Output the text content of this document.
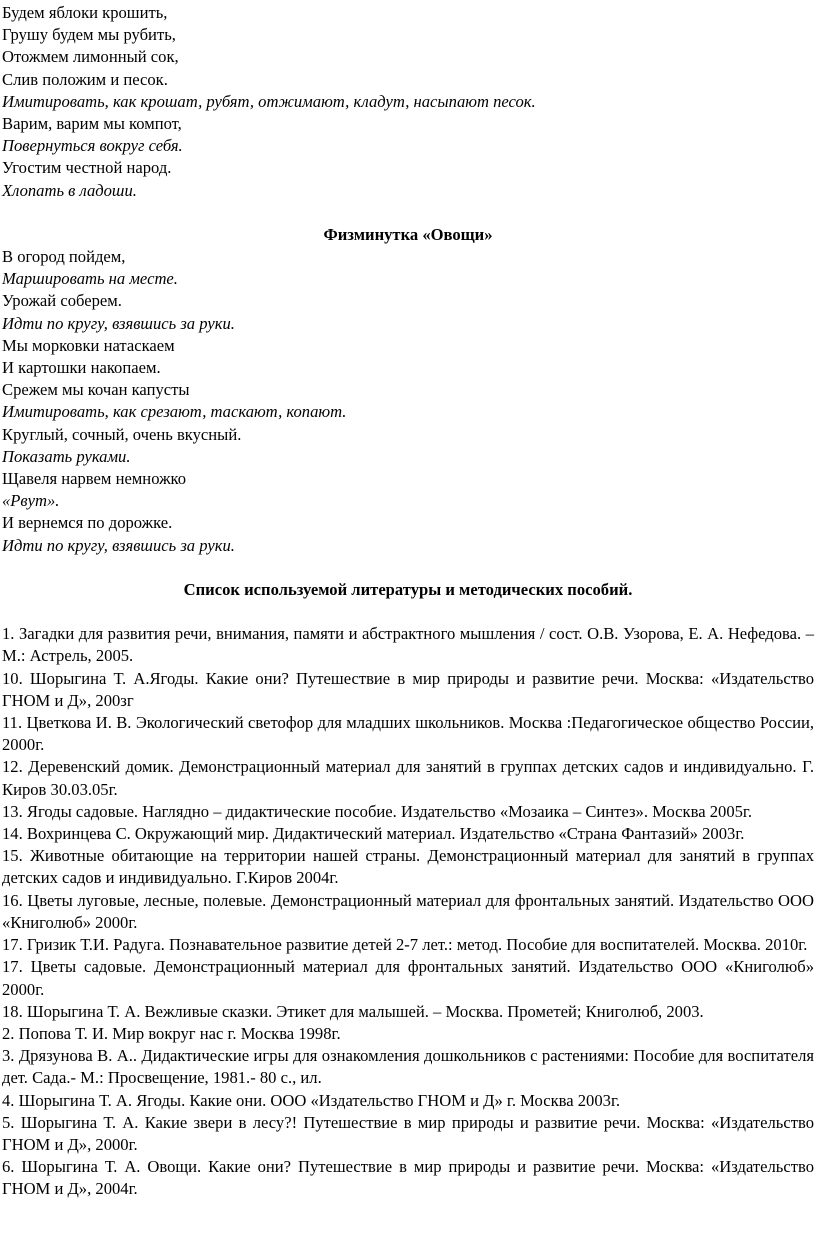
Будем яблоки крошить,
Грушу будем мы рубить,
Отожмем лимонный сок,
Слив положим и песок.
Имитировать, как крошат, рубят, отжимают, кладут, насыпают песок.
Варим, варим мы компот,
Повернуться вокруг себя.
Угостим честной народ.
Хлопать в ладоши.
Физминутка «Овощи»
В огород пойдем,
Маршировать на месте.
Урожай соберем.
Идти по кругу, взявшись за руки.
Мы морковки натаскаем
И картошки накопаем.
Срежем мы кочан капусты
Имитировать, как срезают, таскают, копают.
Круглый, сочный, очень вкусный.
Показать руками.
Щавеля нарвем немножко
«Рвут».
И вернемся по дорожке.
Идти по кругу, взявшись за руки.
Список используемой литературы и методических пособий.
1. Загадки для развития речи, внимания, памяти и абстрактного мышления / сост. О.В. Узорова, Е. А. Нефедова. – М.: Астрель, 2005.
10. Шорыгина Т. А.Ягоды. Какие они? Путешествие в мир природы и развитие речи. Москва: «Издательство ГНОМ и Д», 200зг
11. Цветкова И. В. Экологический светофор для младших школьников. Москва :Педагогическое общество России, 2000г.
12. Деревенский домик. Демонстрационный материал для занятий в группах детских садов и индивидуально. Г. Киров 30.03.05г.
13. Ягоды садовые. Наглядно – дидактические пособие. Издательство «Мозаика – Синтез». Москва 2005г.
14. Вохринцева С. Окружающий мир. Дидактический материал. Издательство «Страна Фантазий» 2003г.
15. Животные обитающие на территории нашей страны. Демонстрационный материал для занятий в группах детских садов и индивидуально. Г.Киров 2004г.
16. Цветы луговые, лесные, полевые. Демонстрационный материал для фронтальных занятий. Издательство ООО «Книголюб» 2000г.
17. Гризик Т.И. Радуга. Познавательное развитие детей 2-7 лет.: метод. Пособие для воспитателей. Москва. 2010г.
17. Цветы садовые. Демонстрационный материал для фронтальных занятий. Издательство ООО «Книголюб» 2000г.
18. Шорыгина Т. А. Вежливые сказки. Этикет для малышей. – Москва. Прометей; Книголюб, 2003.
2. Попова Т. И. Мир вокруг нас г. Москва 1998г.
3. Дрязунова В. А.. Дидактические игры для ознакомления дошкольников с растениями: Пособие для воспитателя дет. Сада.- М.: Просвещение, 1981.- 80 с., ил.
4. Шорыгина Т. А. Ягоды. Какие они. ООО «Издательство ГНОМ и Д» г. Москва 2003г.
5. Шорыгина Т. А. Какие звери в лесу?! Путешествие в мир природы и развитие речи. Москва: «Издательство ГНОМ и Д», 2000г.
6. Шорыгина Т. А. Овощи. Какие они? Путешествие в мир природы и развитие речи. Москва: «Издательство ГНОМ и Д», 2004г.
